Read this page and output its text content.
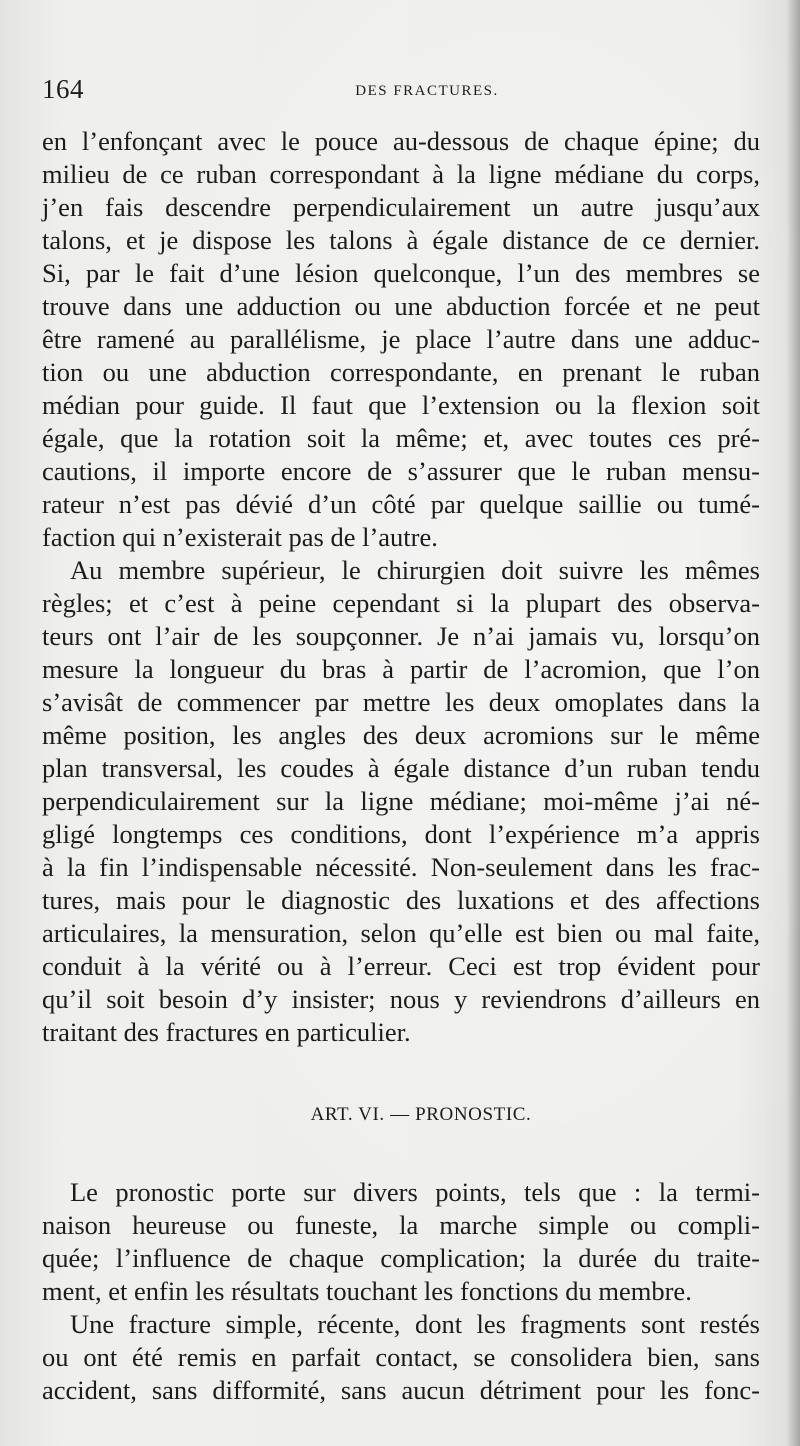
164	DES FRACTURES.
en l’enfonçant avec le pouce au-dessous de chaque épine; du
milieu de ce ruban correspondant à la ligne médiane du corps,
j’en fais descendre perpendiculairement un autre jusqu’aux
talons, et je dispose les talons à égale distance de ce dernier.
Si, par le fait d’une lésion quelconque, l’un des membres se
trouve dans une adduction ou une abduction forcée et ne peut
être ramené au parallélisme, je place l’autre dans une adduc-
tion ou une abduction correspondante, en prenant le ruban
médian pour guide. Il faut que l’extension ou la flexion soit
égale, que la rotation soit la même; et, avec toutes ces pré-
cautions, il importe encore de s’assurer que le ruban mensu-
rateur n’est pas dévié d’un côté par quelque saillie ou tumé-
faction qui n’existerait pas de l’autre.
Au membre supérieur, le chirurgien doit suivre les mêmes
règles; et c’est à peine cependant si la plupart des observa-
teurs ont l’air de les soupçonner. Je n’ai jamais vu, lorsqu’on
mesure la longueur du bras à partir de l’acromion, que l’on
s’avisât de commencer par mettre les deux omoplates dans la
même position, les angles des deux acromions sur le même
plan transversal, les coudes à égale distance d’un ruban tendu
perpendiculairement sur la ligne médiane; moi-même j’ai né-
gligé longtemps ces conditions, dont l’expérience m’a appris
à la fin l’indispensable nécessité. Non-seulement dans les frac-
tures, mais pour le diagnostic des luxations et des affections
articulaires, la mensuration, selon qu’elle est bien ou mal faite,
conduit à la vérité ou à l’erreur. Ceci est trop évident pour
qu’il soit besoin d’y insister; nous y reviendrons d’ailleurs en
traitant des fractures en particulier.
ART. VI. — PRONOSTIC.
Le pronostic porte sur divers points, tels que : la termi-
naison heureuse ou funeste, la marche simple ou compli-
quée; l’influence de chaque complication; la durée du traite-
ment, et enfin les résultats touchant les fonctions du membre.
Une fracture simple, récente, dont les fragments sont restés
ou ont été remis en parfait contact, se consolidera bien, sans
accident, sans difformité, sans aucun détriment pour les fonc-
